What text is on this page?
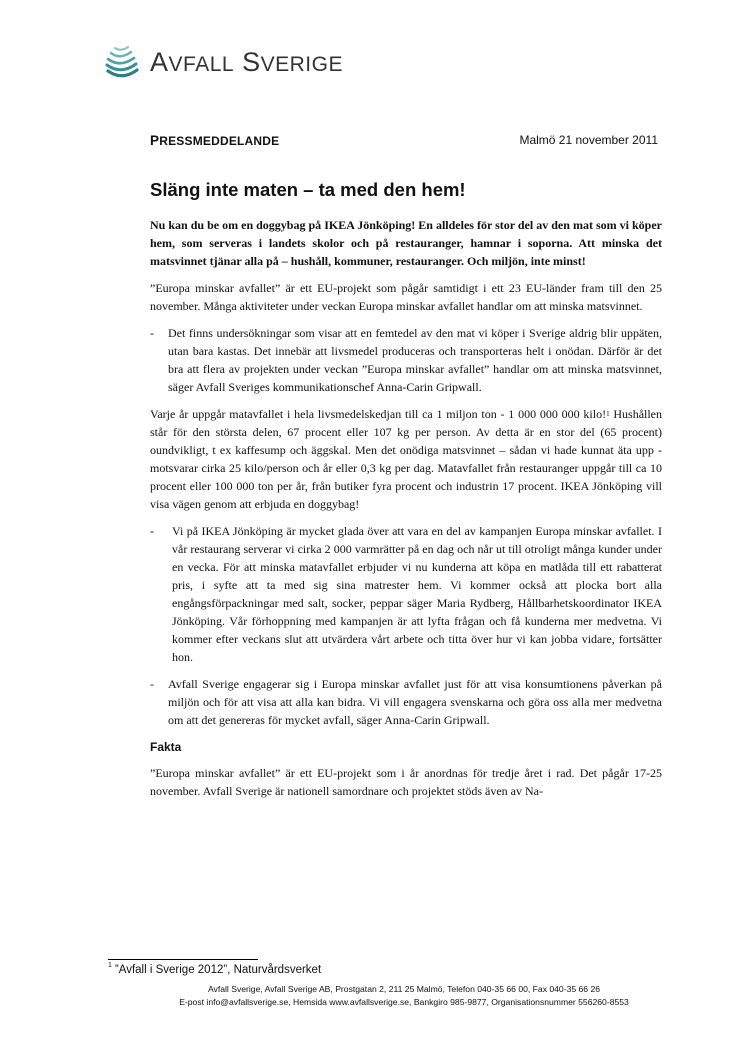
AVFALL SVERIGE
PRESSMEDDELANDE	Malmö 21 november 2011
Släng inte maten – ta med den hem!

Nu kan du be om en doggybag på IKEA Jönköping! En alldeles för stor del av den mat som vi köper hem, som serveras i landets skolor och på restauranger, hamnar i soporna. Att minska det matsvinnet tjänar alla på – hushåll, kommuner, restauranger. Och miljön, inte minst!

”Europa minskar avfallet” är ett EU-projekt som pågår samtidigt i ett 23 EU-länder fram till den 25 november. Många aktiviteter under veckan Europa minskar avfallet handlar om att minska matsvinnet.

- Det finns undersökningar som visar att en femtedel av den mat vi köper i Sverige aldrig blir uppäten, utan bara kastas. Det innebär att livsmedel produceras och transporteras helt i onödan. Därför är det bra att flera av projekten under veckan ”Europa minskar avfallet” handlar om att minska matsvinnet, säger Avfall Sveriges kommunikationschef Anna-Carin Gripwall.

Varje år uppgår matavfallet i hela livsmedelskedjan till ca 1 miljon ton - 1 000 000 000 kilo!$^1$ Hushållen står för den största delen, 67 procent eller 107 kg per person. Av detta är en stor del (65 procent) oundvikligt, t ex kaffesump och äggskal. Men det onödiga matsvinnet – sådan vi hade kunnat äta upp - motsvarar cirka 25 kilo/person och år eller 0,3 kg per dag. Matavfallet från restauranger uppgår till ca 10 procent eller 100 000 ton per år, från butiker fyra procent och industrin 17 procent. IKEA Jönköping vill visa vägen genom att erbjuda en doggybag!

- Vi på IKEA Jönköping är mycket glada över att vara en del av kampanjen Europa minskar avfallet. I vår restaurang serverar vi cirka 2 000 varmrätter på en dag och når ut till otroligt många kunder under en vecka. För att minska matavfallet erbjuder vi nu kunderna att köpa en matlåda till ett rabatterat pris, i syfte att ta med sig sina matrester hem. Vi kommer också att plocka bort alla engångsförpackningar med salt, socker, peppar säger Maria Rydberg, Hållbarhetskoordinator IKEA Jönköping. Vår förhoppning med kampanjen är att lyfta frågan och få kunderna mer medvetna. Vi kommer efter veckans slut att utvärdera vårt arbete och titta över hur vi kan jobba vidare, fortsätter hon.
- Avfall Sverige engagerar sig i Europa minskar avfallet just för att visa konsumtionens påverkan på miljön och för att visa att alla kan bidra. Vi vill engagera svenskarna och göra oss alla mer medvetna om att det genereras för mycket avfall, säger Anna-Carin Gripwall.
Fakta

”Europa minskar avfallet” är ett EU-projekt som i år anordnas för tredje året i rad. Det pågår 17-25 november. Avfall Sverige är nationell samordnare och projektet stöds även av Na-

$^1$ ”Avfall i Sverige 2012”, Naturvårdsverket
Avfall Sverige, Avfall Sverige AB, Prostgatan 2, 211 25 Malmö, Telefon 040-35 66 00, Fax 040-35 66 26
E-post info@avfallsverige.se, Hemsida www.avfallsverige.se, Bankgiro 985-9877, Organisationsnummer 556260-8553
